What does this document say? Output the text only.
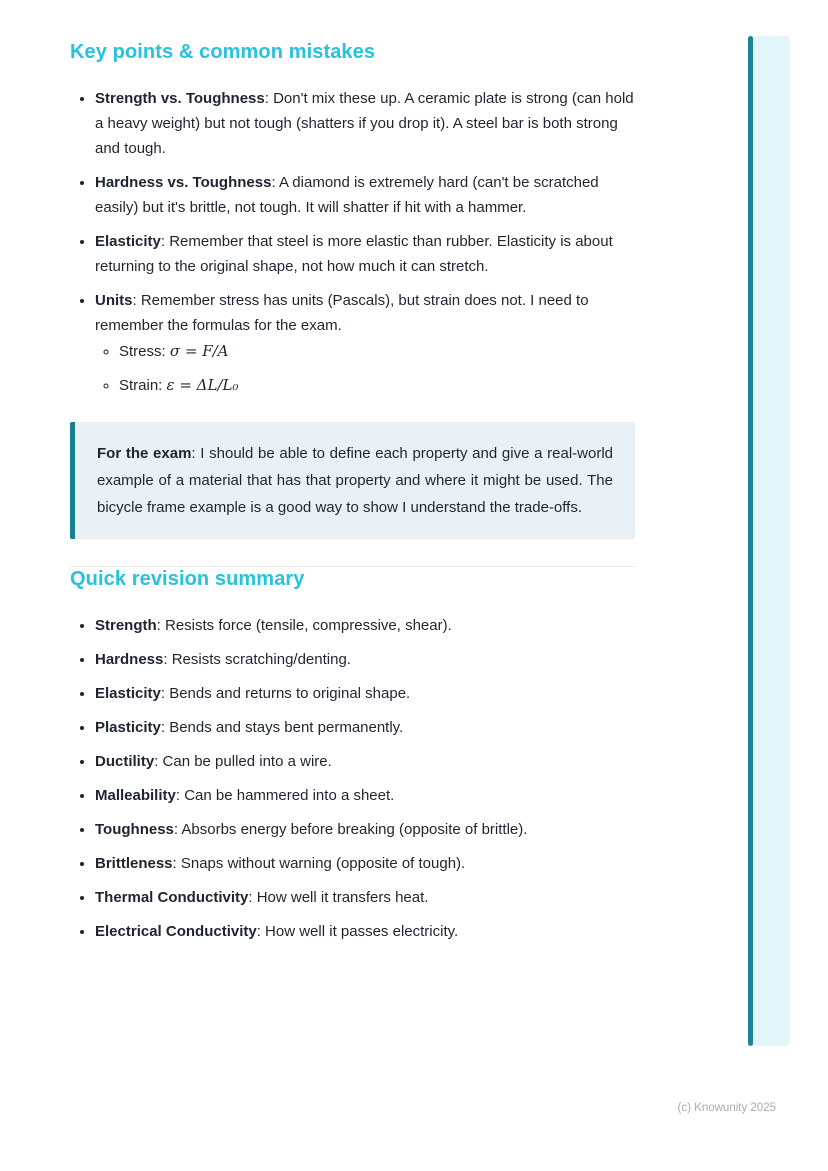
Key points & common mistakes
• Strength vs. Toughness: Don't mix these up. A ceramic plate is strong (can hold a heavy weight) but not tough (shatters if you drop it). A steel bar is both strong and tough.
• Hardness vs. Toughness: A diamond is extremely hard (can't be scratched easily) but it's brittle, not tough. It will shatter if hit with a hammer.
• Elasticity: Remember that steel is more elastic than rubber. Elasticity is about returning to the original shape, not how much it can stretch.
• Units: Remember stress has units (Pascals), but strain does not. I need to remember the formulas for the exam.
◦ Stress: σ = F/A
◦ Strain: ε = ΔL/L₀

For the exam: I should be able to define each property and give a real-world example of a material that has that property and where it might be used. The bicycle frame example is a good way to show I understand the trade-offs.

Quick revision summary
• Strength: Resists force (tensile, compressive, shear).
• Hardness: Resists scratching/denting.
• Elasticity: Bends and returns to original shape.
• Plasticity: Bends and stays bent permanently.
• Ductility: Can be pulled into a wire.
• Malleability: Can be hammered into a sheet.
• Toughness: Absorbs energy before breaking (opposite of brittle).
• Brittleness: Snaps without warning (opposite of tough).
• Thermal Conductivity: How well it transfers heat.
• Electrical Conductivity: How well it passes electricity.
(c) Knowunity 2025
